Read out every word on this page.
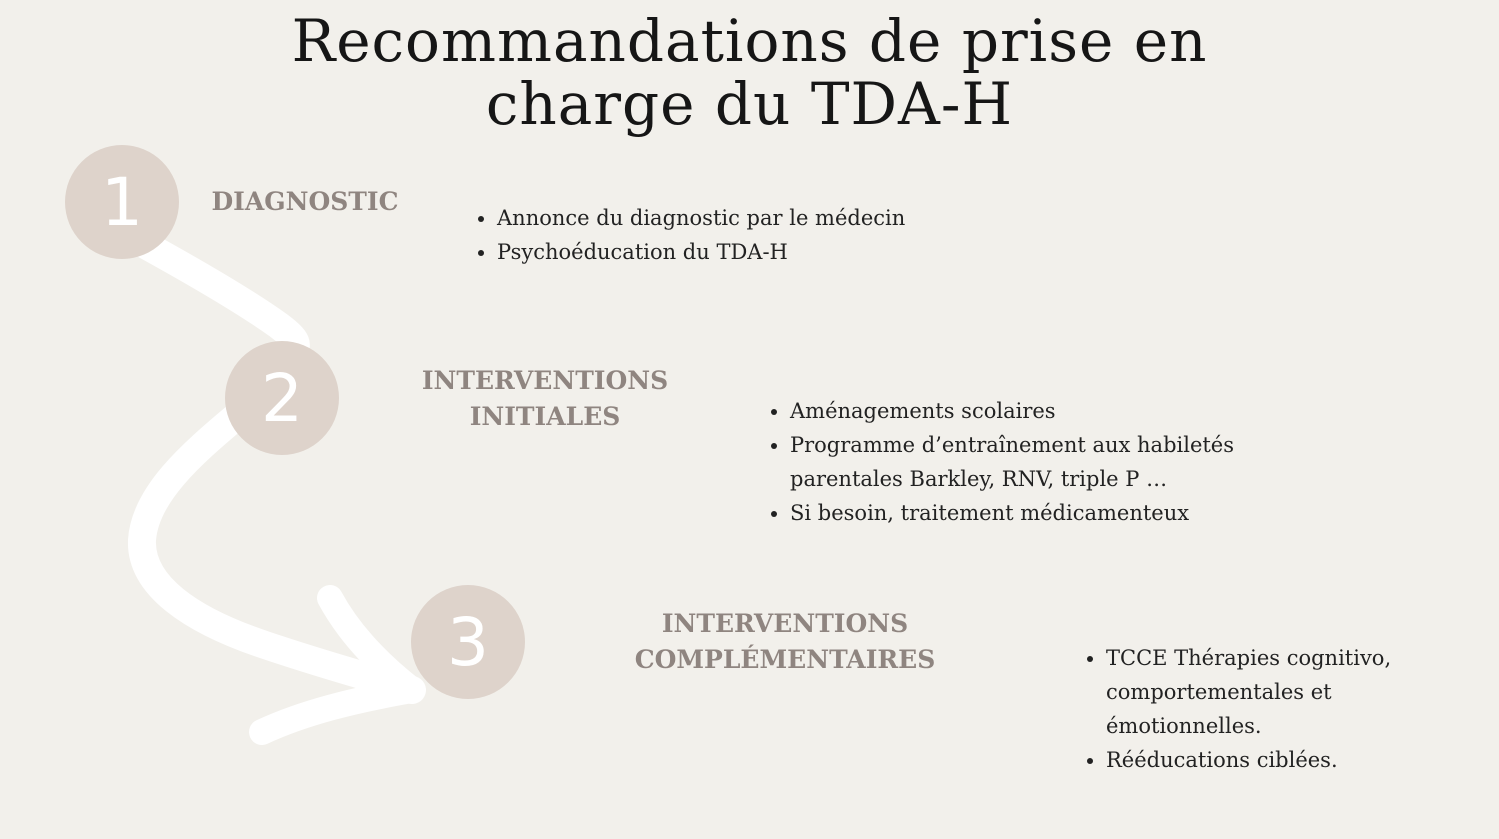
Recommandations de prise en
charge du TDA-H
1	DIAGNOSTIC
• Annonce du diagnostic par le médecin
• Psychoéducation du TDA-H
2	INTERVENTIONS
INITIALES	• Aménagements scolaires
• Programme d’entraînement aux habiletés parentales Barkley, RNV, triple P …
• Si besoin, traitement médicamenteux
3	INTERVENTIONS
COMPLÉMENTAIRES	• TCCE Thérapies cognitivo, comportementales et émotionnelles.
• Rééducations ciblées.
